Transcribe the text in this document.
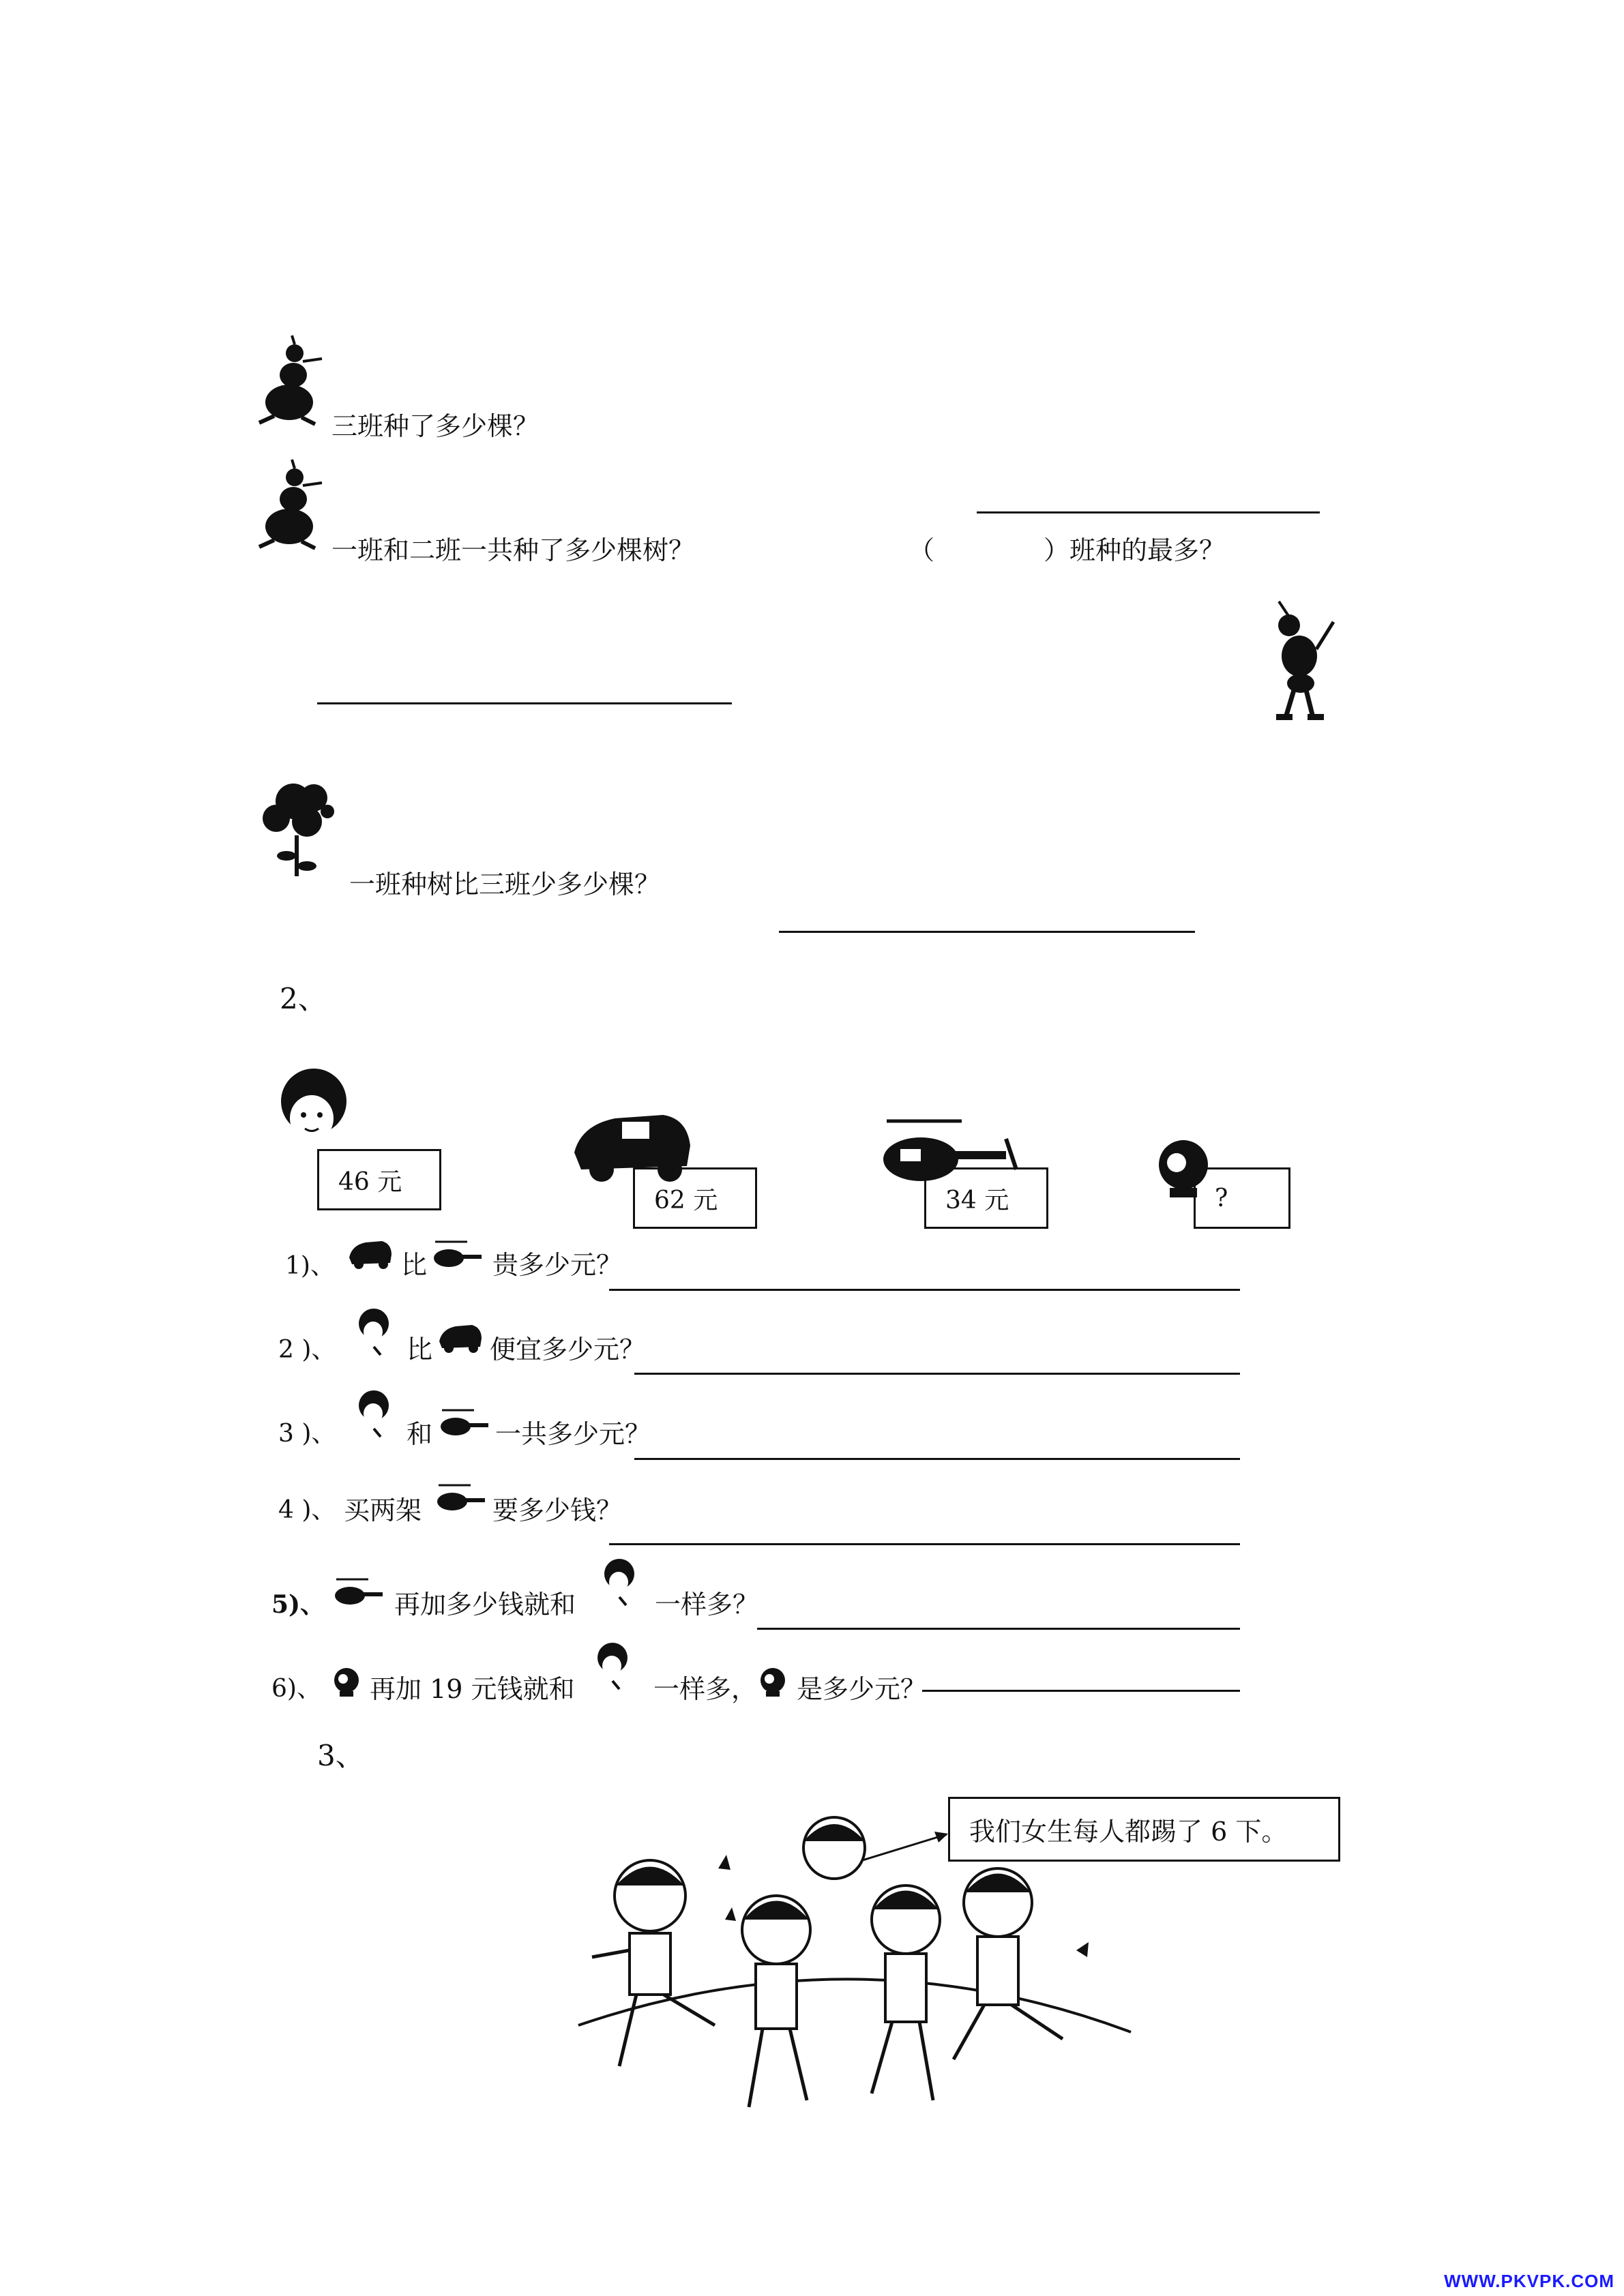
三班种了多少棵？
一班和二班一共种了多少棵树？	（	）班种的最多？
一班种树比三班少多少棵？
2、
46 元
62 元	34 元	?
1)、	比	贵多少元？
2 )、	比 便宜多少元？
3 )、	和 一共多少元？
4 )、 买两架	要多少钱？
5)、	再加多少钱就和	一样多？
6)、 再加 19 元钱就和	一样多， 是多少元？
3、
我们女生每人都踢了 6 下。
WWW.PKVPK.COM
